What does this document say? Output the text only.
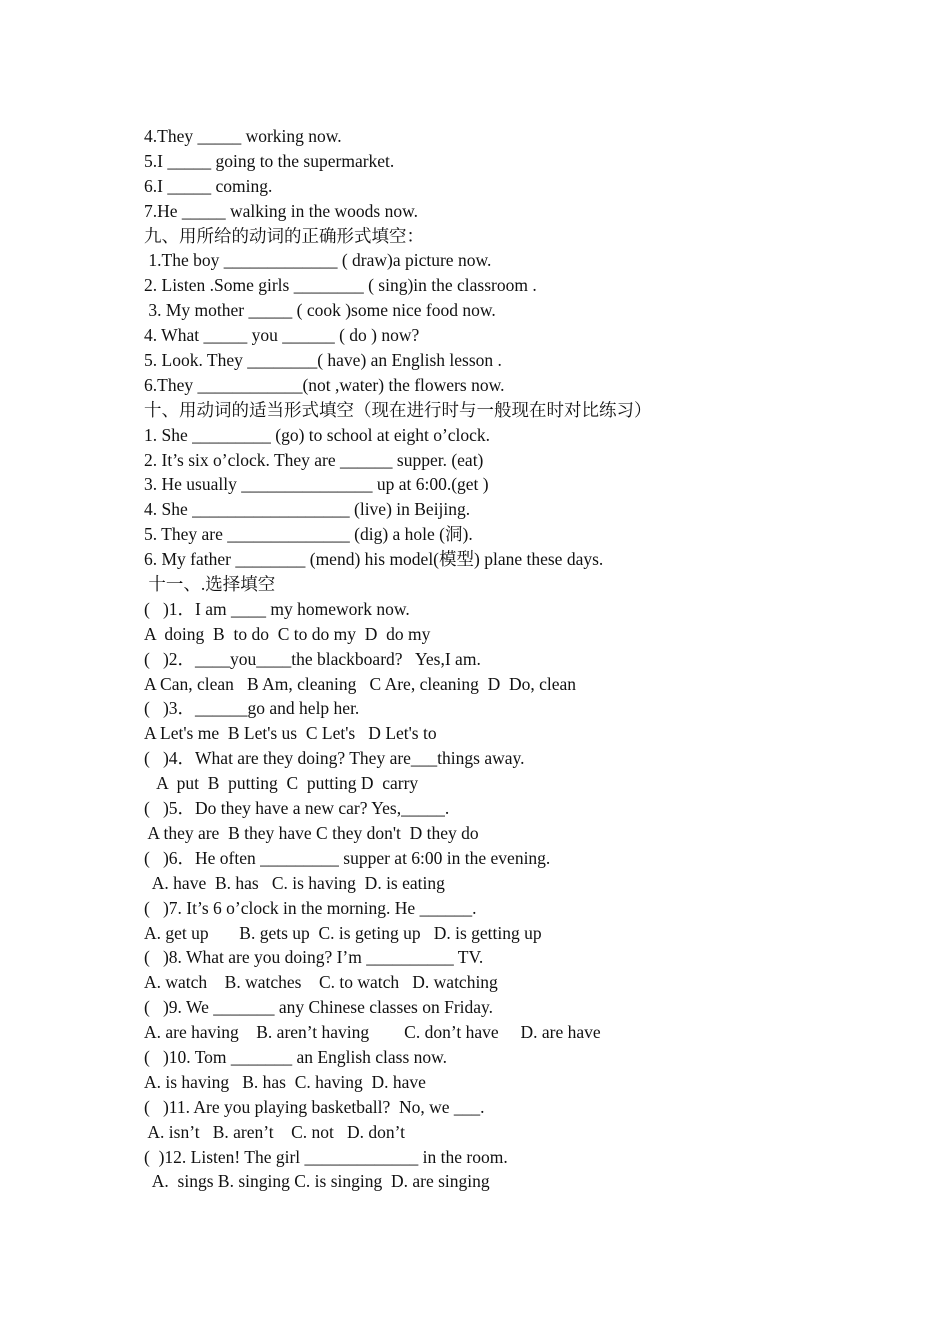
4.They _____ working now.
5.I _____ going to the supermarket.
6.I _____ coming.
7.He _____ walking in the woods now.
九、用所给的动词的正确形式填空：
1.The boy _____________ ( draw)a picture now.
2. Listen .Some girls ________ ( sing)in the classroom .
3. My mother _____ ( cook )some nice food now.
4. What _____ you ______ ( do ) now?
5. Look. They ________( have) an English lesson .
6.They ____________(not ,water) the flowers now.
十、用动词的适当形式填空（现在进行时与一般现在时对比练习）
1. She _________ (go) to school at eight o’clock.
2. It’s six o’clock. They are ______ supper. (eat)
3. He usually _______________ up at 6:00.(get )
4. She __________________ (live) in Beijing.
5. They are ______________ (dig) a hole (洞).
6. My father ________ (mend) his model(模型) plane these days.
十一、.选择填空
(   )1．I am ____ my homework now.
A  doing  B  to do  C to do my  D  do my
(   )2．____you____the blackboard?   Yes,I am.
A Can, clean   B Am, cleaning   C Are, cleaning  D  Do, clean
(   )3．______go and help her.
A Let's me  B Let's us  C Let's   D Let's to
(   )4．What are they doing? They are___things away.
A  put  B  putting  C  putting D  carry
(   )5．Do they have a new car? Yes,_____.
A they are  B they have C they don't  D they do
(   )6．He often _________ supper at 6:00 in the evening.
A. have  B. has   C. is having  D. is eating
(   )7. It’s 6 o’clock in the morning. He ______.
A. get up       B. gets up  C. is geting up   D. is getting up
(   )8. What are you doing? I’m __________ TV.
A. watch    B. watches    C. to watch   D. watching
(   )9. We _______ any Chinese classes on Friday.
A. are having    B. aren’t having        C. don’t have     D. are have
(   )10. Tom _______ an English class now.
A. is having   B. has  C. having  D. have
(   )11. Are you playing basketball?  No, we ___.
A. isn’t   B. aren’t    C. not   D. don’t
(  )12. Listen! The girl _____________ in the room.
A.  sings B. singing C. is singing  D. are singing
